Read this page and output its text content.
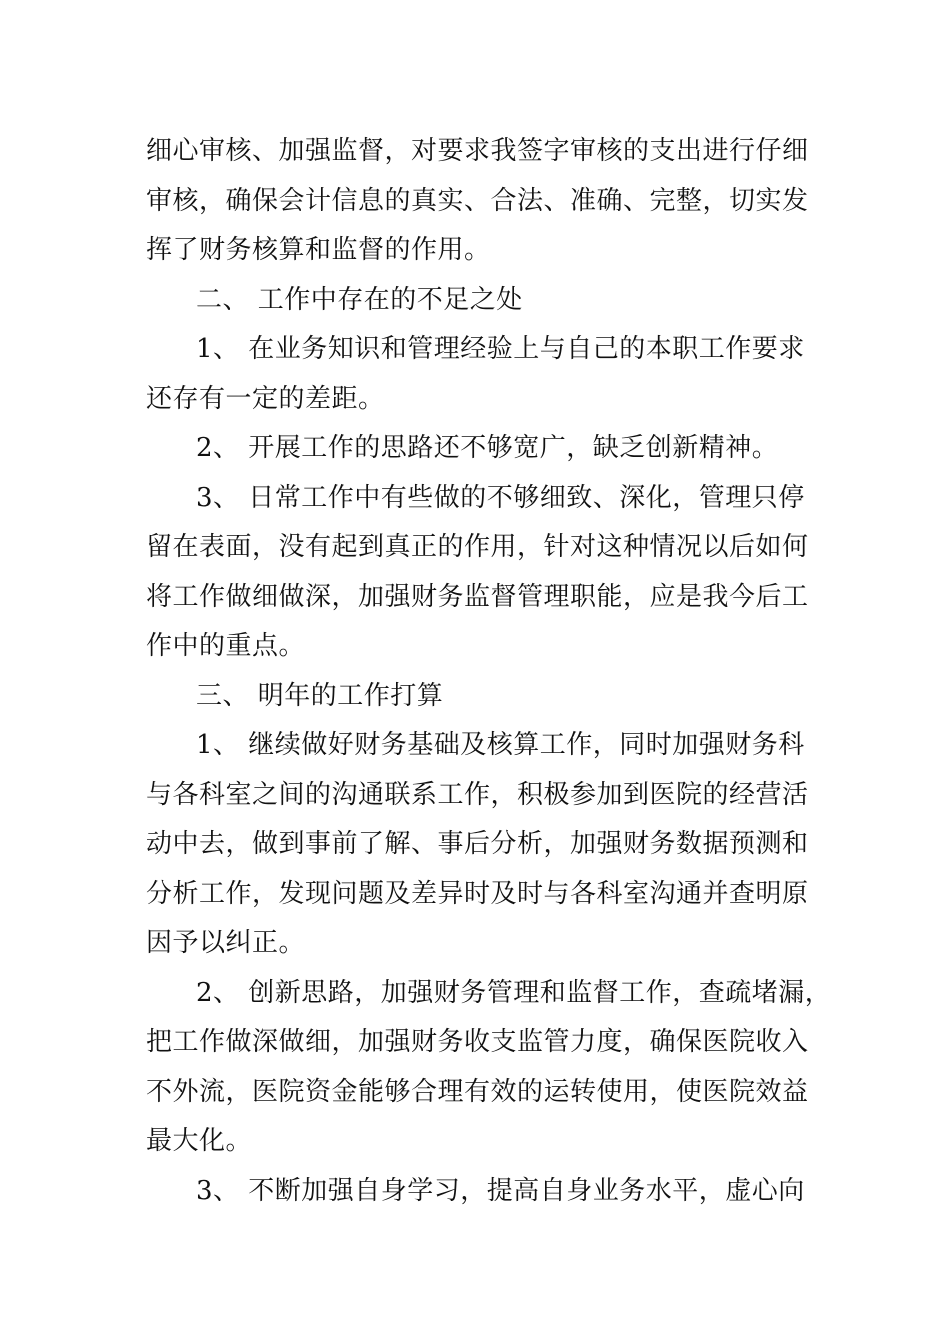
细心审核、加强监督，对要求我签字审核的支出进行仔细
审核，确保会计信息的真实、合法、准确、完整，切实发
挥了财务核算和监督的作用。
二、 工作中存在的不足之处
1、 在业务知识和管理经验上与自己的本职工作要求
还存有一定的差距。
2、 开展工作的思路还不够宽广，缺乏创新精神。
3、 日常工作中有些做的不够细致、深化，管理只停
留在表面，没有起到真正的作用，针对这种情况以后如何
将工作做细做深，加强财务监督管理职能，应是我今后工
作中的重点。
三、 明年的工作打算
1、 继续做好财务基础及核算工作，同时加强财务科
与各科室之间的沟通联系工作，积极参加到医院的经营活
动中去，做到事前了解、事后分析，加强财务数据预测和
分析工作，发现问题及差异时及时与各科室沟通并查明原
因予以纠正。
2、 创新思路，加强财务管理和监督工作，查疏堵漏，
把工作做深做细，加强财务收支监管力度，确保医院收入
不外流，医院资金能够合理有效的运转使用，使医院效益
最大化。
3、 不断加强自身学习，提高自身业务水平，虚心向
